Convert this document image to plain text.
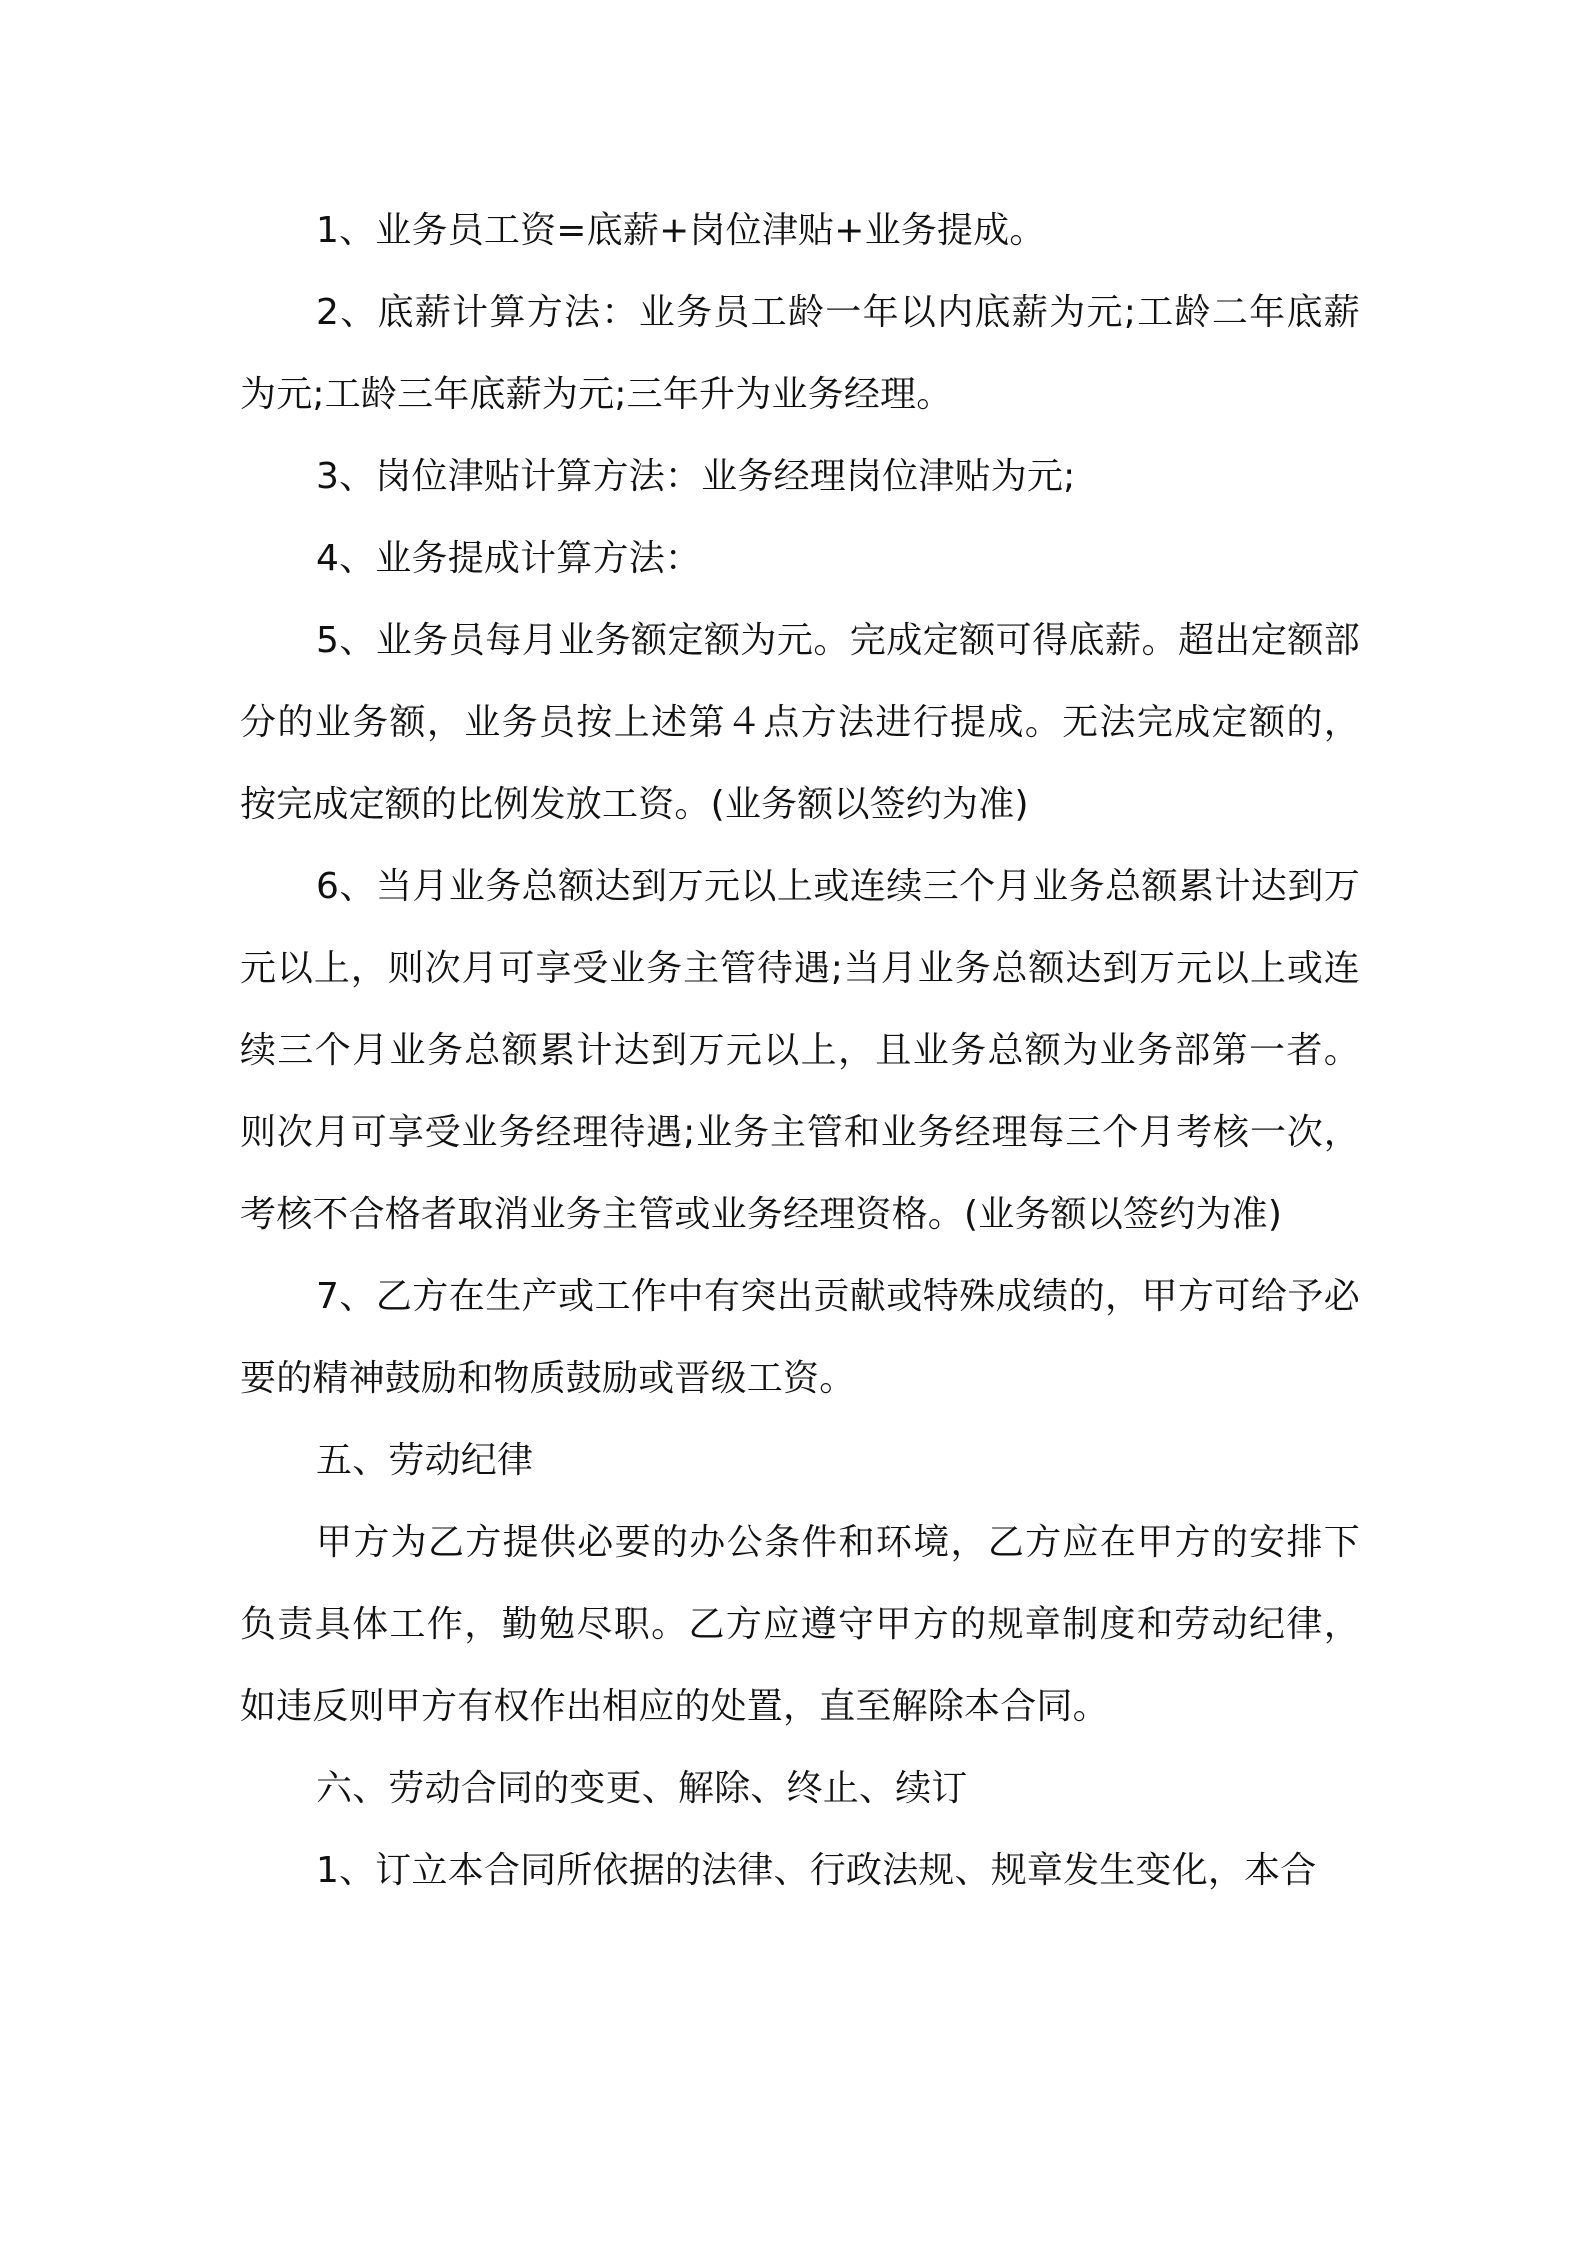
1、业务员工资=底薪+岗位津贴+业务提成。

2、底薪计算方法：业务员工龄一年以内底薪为元;工龄二年底薪为元;工龄三年底薪为元;三年升为业务经理。

3、岗位津贴计算方法：业务经理岗位津贴为元;

4、业务提成计算方法：

5、业务员每月业务额定额为元。完成定额可得底薪。超出定额部分的业务额，业务员按上述第４点方法进行提成。无法完成定额的，按完成定额的比例发放工资。(业务额以签约为准)

6、当月业务总额达到万元以上或连续三个月业务总额累计达到万元以上，则次月可享受业务主管待遇;当月业务总额达到万元以上或连续三个月业务总额累计达到万元以上，且业务总额为业务部第一者。则次月可享受业务经理待遇;业务主管和业务经理每三个月考核一次，考核不合格者取消业务主管或业务经理资格。(业务额以签约为准)

7、乙方在生产或工作中有突出贡献或特殊成绩的，甲方可给予必要的精神鼓励和物质鼓励或晋级工资。

五、劳动纪律

甲方为乙方提供必要的办公条件和环境，乙方应在甲方的安排下负责具体工作，勤勉尽职。乙方应遵守甲方的规章制度和劳动纪律，如违反则甲方有权作出相应的处置，直至解除本合同。

六、劳动合同的变更、解除、终止、续订

1、订立本合同所依据的法律、行政法规、规章发生变化，本合
